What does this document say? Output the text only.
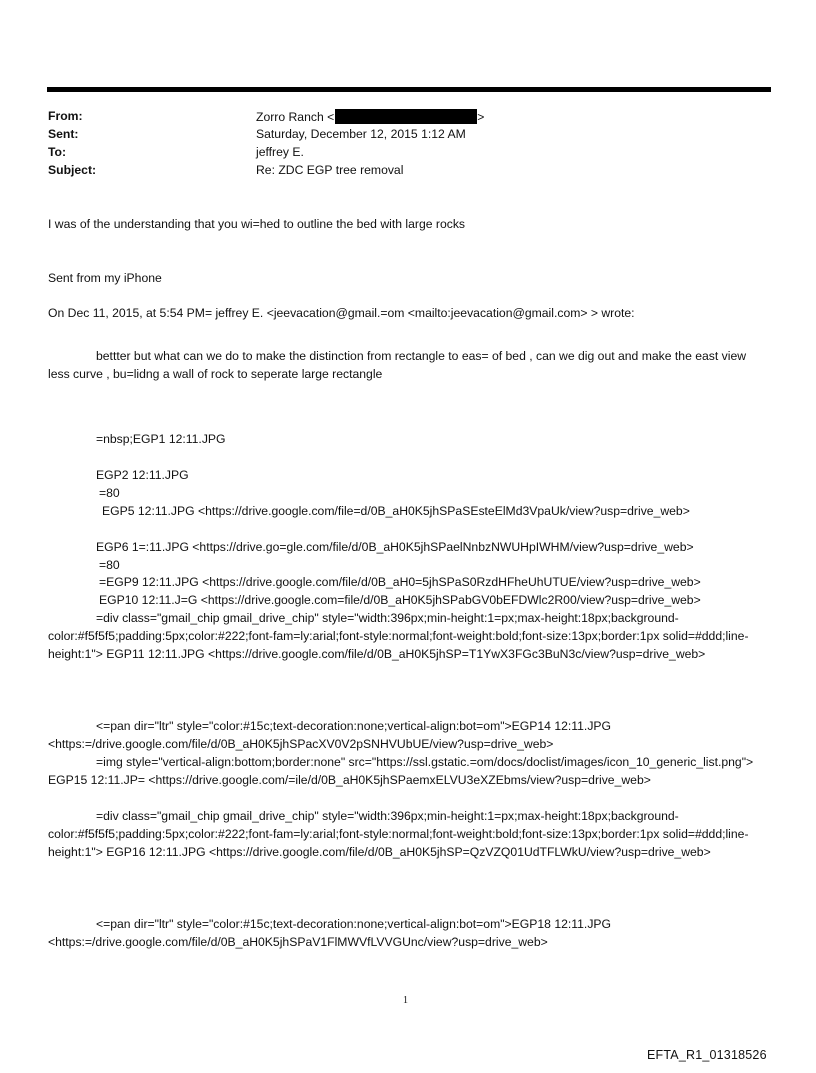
From:	Zorro Ranch <	>
Sent:	Saturday, December 12, 2015 1:12 AM
To:	jeffrey E.
Subject:	Re: ZDC EGP tree removal
I was of the understanding that you wi=hed to outline the bed with large rocks
Sent from my iPhone
On Dec 11, 2015, at 5:54 PM= jeffrey E. <jeevacation@gmail.=om <mailto:jeevacation@gmail.com> > wrote:
bettter but what can we do to make the distinction from rectangle to eas= of bed , can we dig out and make the east view less curve , bu=lidng a wall of rock to seperate large rectangle
=nbsp;EGP1 12:11.JPG
EGP2 12:11.JPG
=80
EGP5 12:11.JPG <https://drive.google.com/file=d/0B_aH0K5jhSPaSEsteElMd3VpaUk/view?usp=drive_web>
EGP6 1=:11.JPG <https://drive.go=gle.com/file/d/0B_aH0K5jhSPaelNnbzNWUHpIWHM/view?usp=drive_web>
=80
=EGP9 12:11.JPG <https://drive.google.com/file/d/0B_aH0=5jhSPaS0RzdHFheUhUTUE/view?usp=drive_web>
EGP10 12:11.J=G <https://drive.google.com=file/d/0B_aH0K5jhSPabGV0bEFDWlc2R00/view?usp=drive_web>
=div class="gmail_chip gmail_drive_chip" style="width:396px;min-height:1=px;max-height:18px;background-color:#f5f5f5;padding:5px;color:#222;font-fam=ly:arial;font-style:normal;font-weight:bold;font-size:13px;border:1px solid=#ddd;line-height:1"> EGP11 12:11.JPG <https://drive.google.com/file/d/0B_aH0K5jhSP=T1YwX3FGc3BuN3c/view?usp=drive_web>
<=pan dir="ltr" style="color:#15c;text-decoration:none;vertical-align:bot=om">EGP14 12:11.JPG <https:=/drive.google.com/file/d/0B_aH0K5jhSPacXV0V2pSNHVUbUE/view?usp=drive_web>
=img style="vertical-align:bottom;border:none" src="https://ssl.gstatic.=om/docs/doclist/images/icon_10_generic_list.png"> EGP15 12:11.JP= <https://drive.google.com/=ile/d/0B_aH0K5jhSPaemxELVU3eXZEbms/view?usp=drive_web>
=div class="gmail_chip gmail_drive_chip" style="width:396px;min-height:1=px;max-height:18px;background-color:#f5f5f5;padding:5px;color:#222;font-fam=ly:arial;font-style:normal;font-weight:bold;font-size:13px;border:1px solid=#ddd;line-height:1"> EGP16 12:11.JPG <https://drive.google.com/file/d/0B_aH0K5jhSP=QzVZQ01UdTFLWkU/view?usp=drive_web>
<=pan dir="ltr" style="color:#15c;text-decoration:none;vertical-align:bot=om">EGP18 12:11.JPG <https:=/drive.google.com/file/d/0B_aH0K5jhSPaV1FlMWVfLVVGUnc/view?usp=drive_web>
1
EFTA_R1_01318526
